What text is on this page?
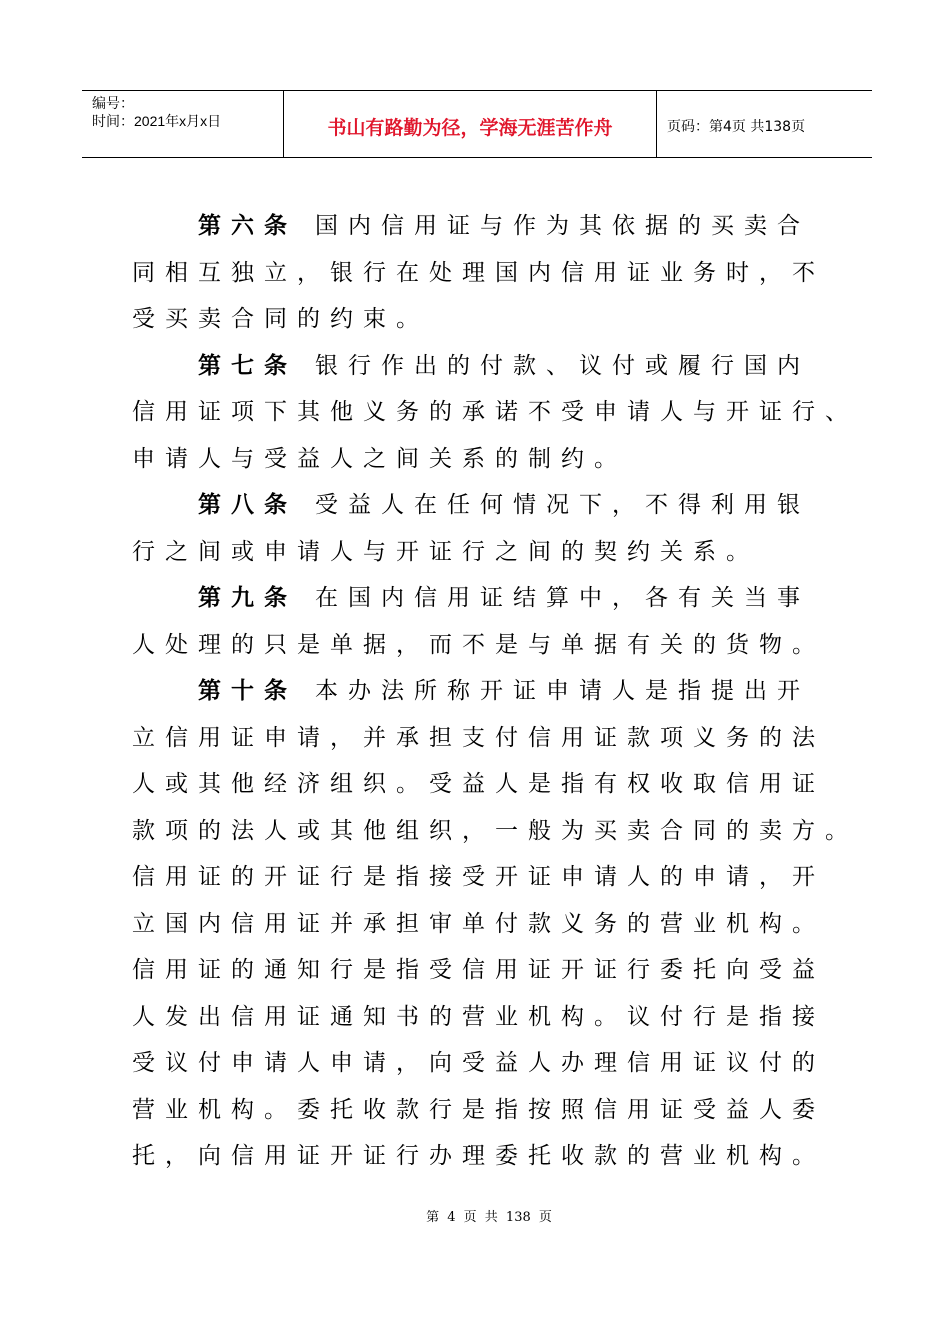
编号：
时间：2021年x月x日	书山有路勤为径，学海无涯苦作舟	页码：第4页 共138页
第六条 国内信用证与作为其依据的买卖合
同相互独立，银行在处理国内信用证业务时，不
受买卖合同的约束。
第七条 银行作出的付款、议付或履行国内
信用证项下其他义务的承诺不受申请人与开证行、
申请人与受益人之间关系的制约。
第八条 受益人在任何情况下，不得利用银
行之间或申请人与开证行之间的契约关系。
第九条 在国内信用证结算中，各有关当事
人处理的只是单据，而不是与单据有关的货物。
第十条 本办法所称开证申请人是指提出开
立信用证申请，并承担支付信用证款项义务的法
人或其他经济组织。受益人是指有权收取信用证
款项的法人或其他组织，一般为买卖合同的卖方。
信用证的开证行是指接受开证申请人的申请，开
立国内信用证并承担审单付款义务的营业机构。
信用证的通知行是指受信用证开证行委托向受益
人发出信用证通知书的营业机构。议付行是指接
受议付申请人申请，向受益人办理信用证议付的
营业机构。委托收款行是指按照信用证受益人委
托，向信用证开证行办理委托收款的营业机构。
第 4 页 共 138 页
